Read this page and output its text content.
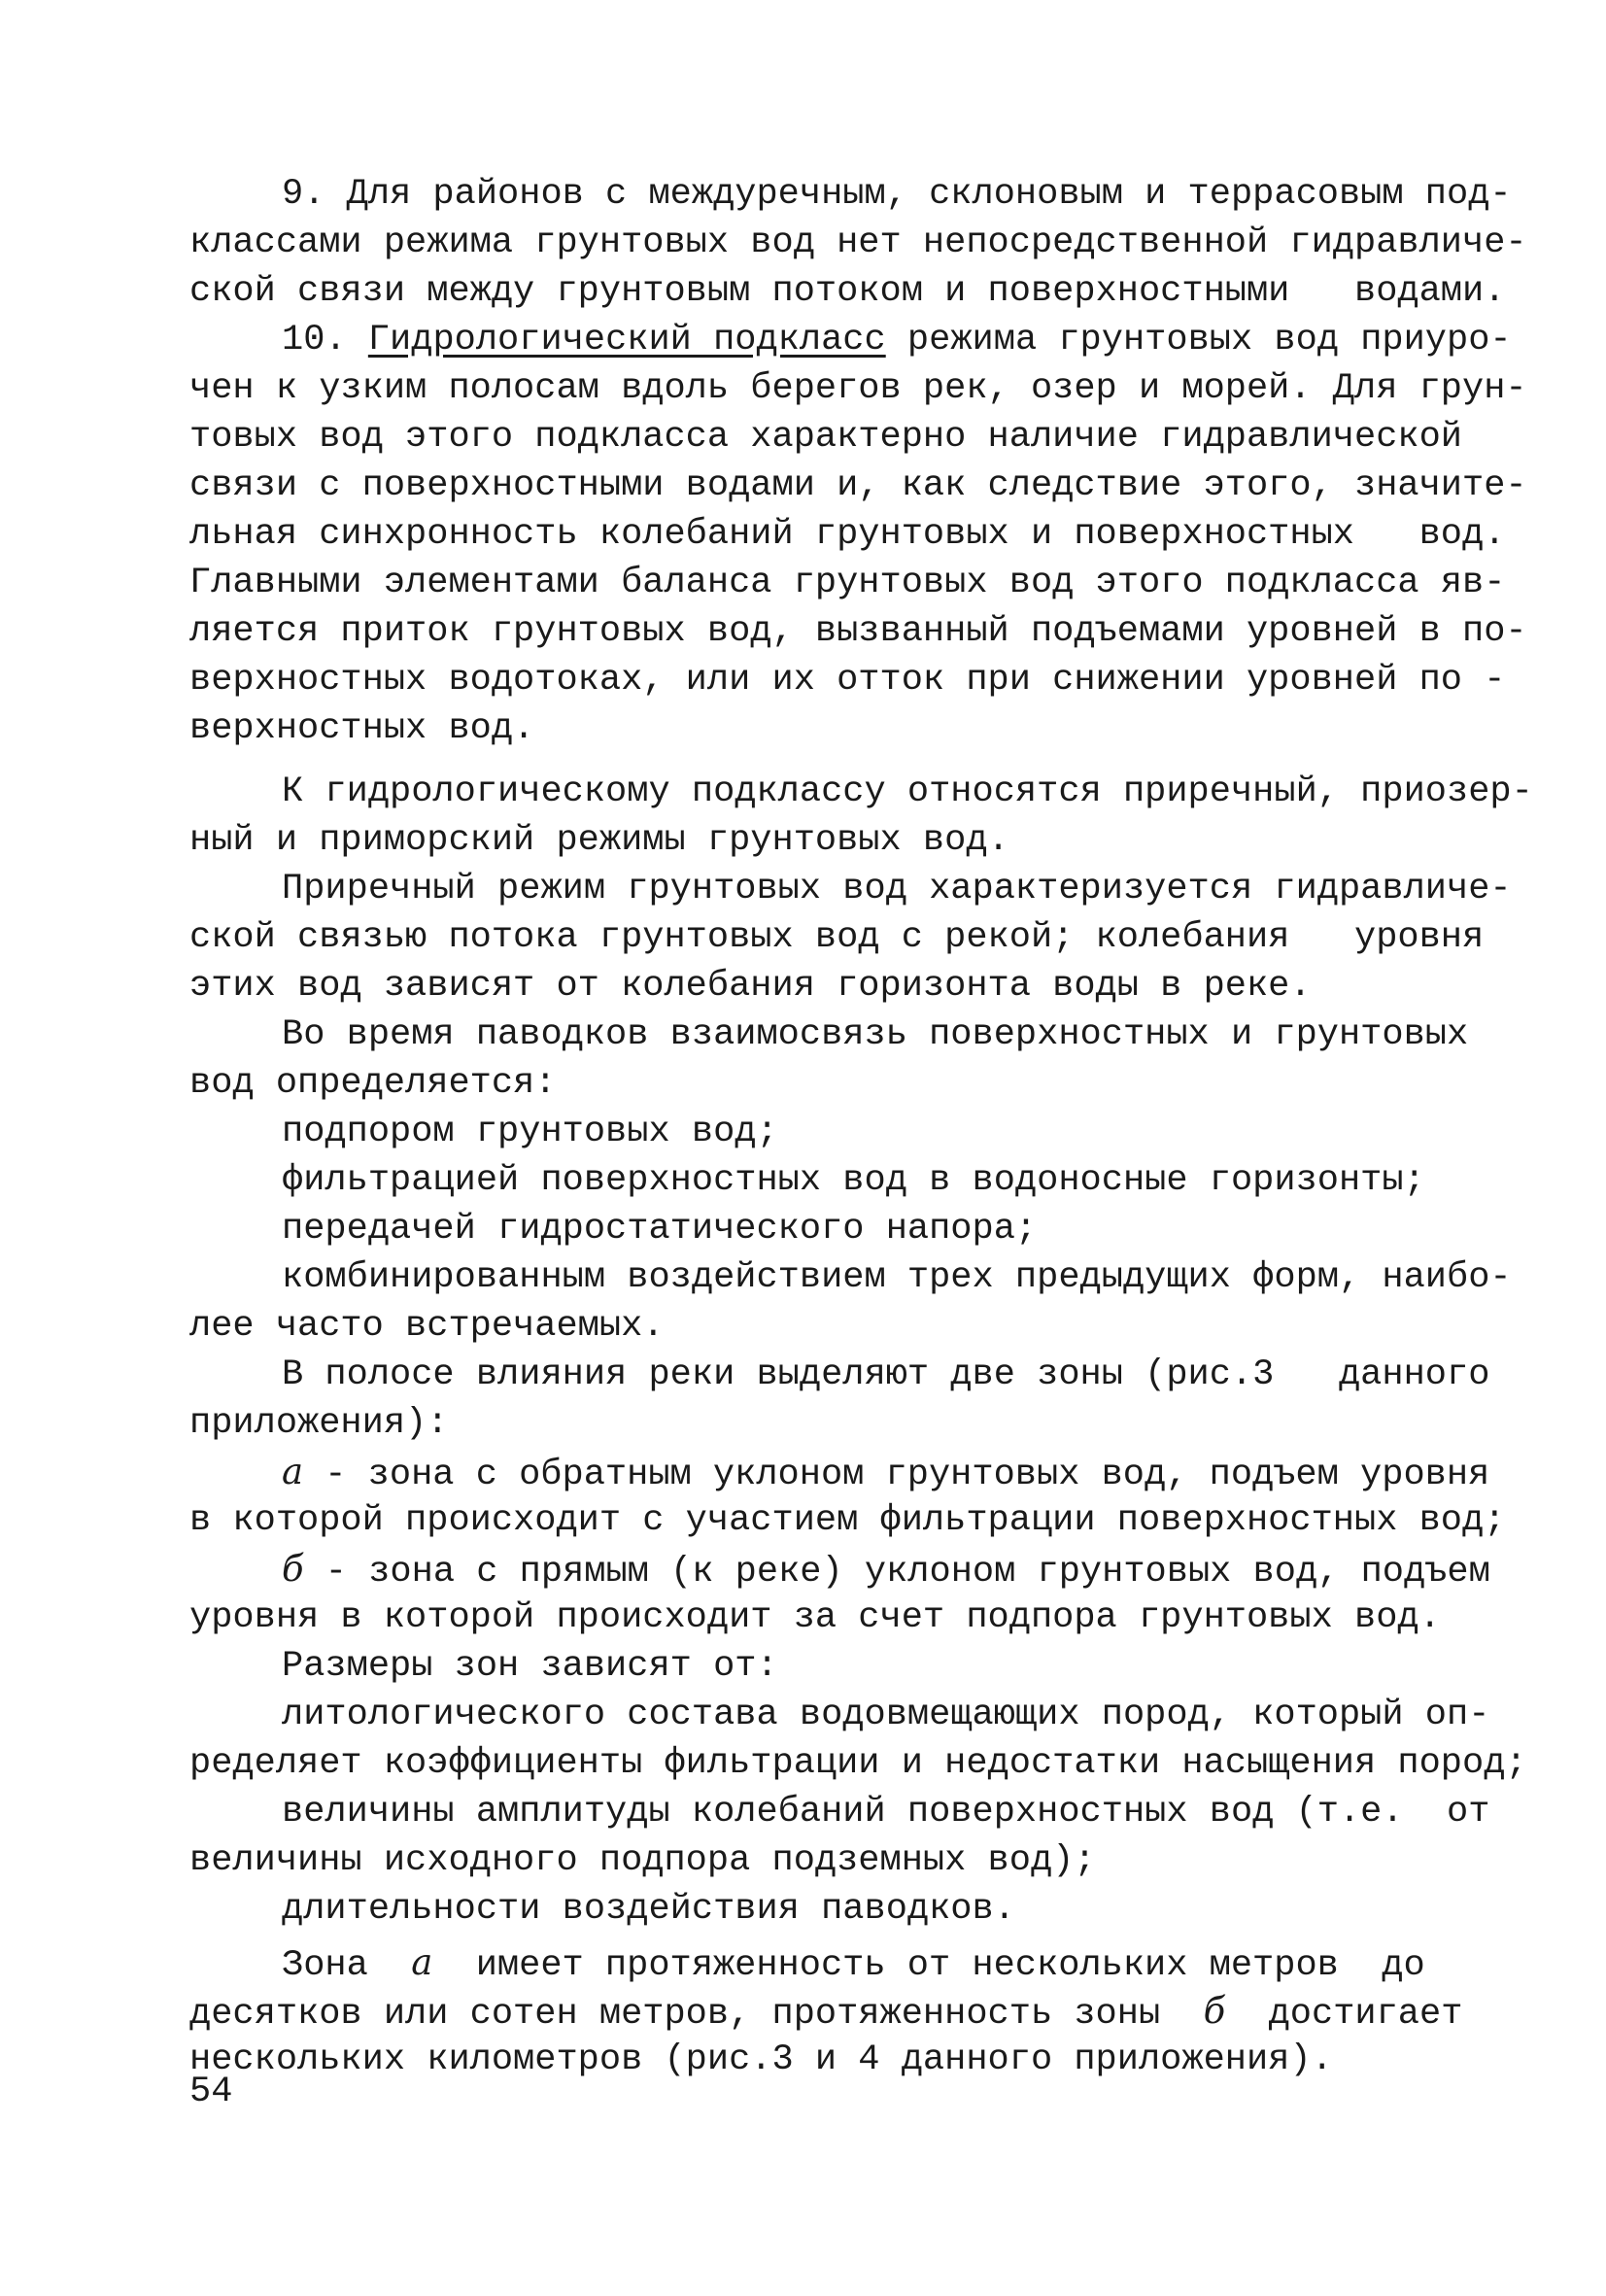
9. Для районов с междуречным, склоновым и террасовым под-
классами режима грунтовых вод нет непосредственной гидравличе-
ской связи между грунтовым потоком и поверхностными   водами.
10. Гидрологический подкласс режима грунтовых вод приуро-
чен к узким полосам вдоль берегов рек, озер и морей. Для грун-
товых вод этого подкласса характерно наличие гидравлической
связи с поверхностными водами и, как следствие этого, значите-
льная синхронность колебаний грунтовых и поверхностных   вод.
Главными элементами баланса грунтовых вод этого подкласса яв-
ляется приток грунтовых вод, вызванный подъемами уровней в по-
верхностных водотоках, или их отток при снижении уровней по -
верхностных вод.
К гидрологическому подклассу относятся приречный, приозер-
ный и приморский режимы грунтовых вод.
Приречный режим грунтовых вод характеризуется гидравличе-
ской связью потока грунтовых вод с рекой; колебания   уровня
этих вод зависят от колебания горизонта воды в реке.
Во время паводков взаимосвязь поверхностных и грунтовых
вод определяется:
подпором грунтовых вод;
фильтрацией поверхностных вод в водоносные горизонты;
передачей гидростатического напора;
комбинированным воздействием трех предыдущих форм, наибо-
лее часто встречаемых.
В полосе влияния реки выделяют две зоны (рис.3   данного
приложения):
а - зона с обратным уклоном грунтовых вод, подъем уровня
в которой происходит с участием фильтрации поверхностных вод;
б - зона с прямым (к реке) уклоном грунтовых вод, подъем
уровня в которой происходит за счет подпора грунтовых вод.
Размеры зон зависят от:
литологического состава водовмещающих пород, который оп-
ределяет коэффициенты фильтрации и недостатки насыщения пород;
величины амплитуды колебаний поверхностных вод (т.е.  от
величины исходного подпора подземных вод);
длительности воздействия паводков.
Зона  а  имеет протяженность от нескольких метров  до
десятков или сотен метров, протяженность зоны  б  достигает
нескольких километров (рис.3 и 4 данного приложения).
54
